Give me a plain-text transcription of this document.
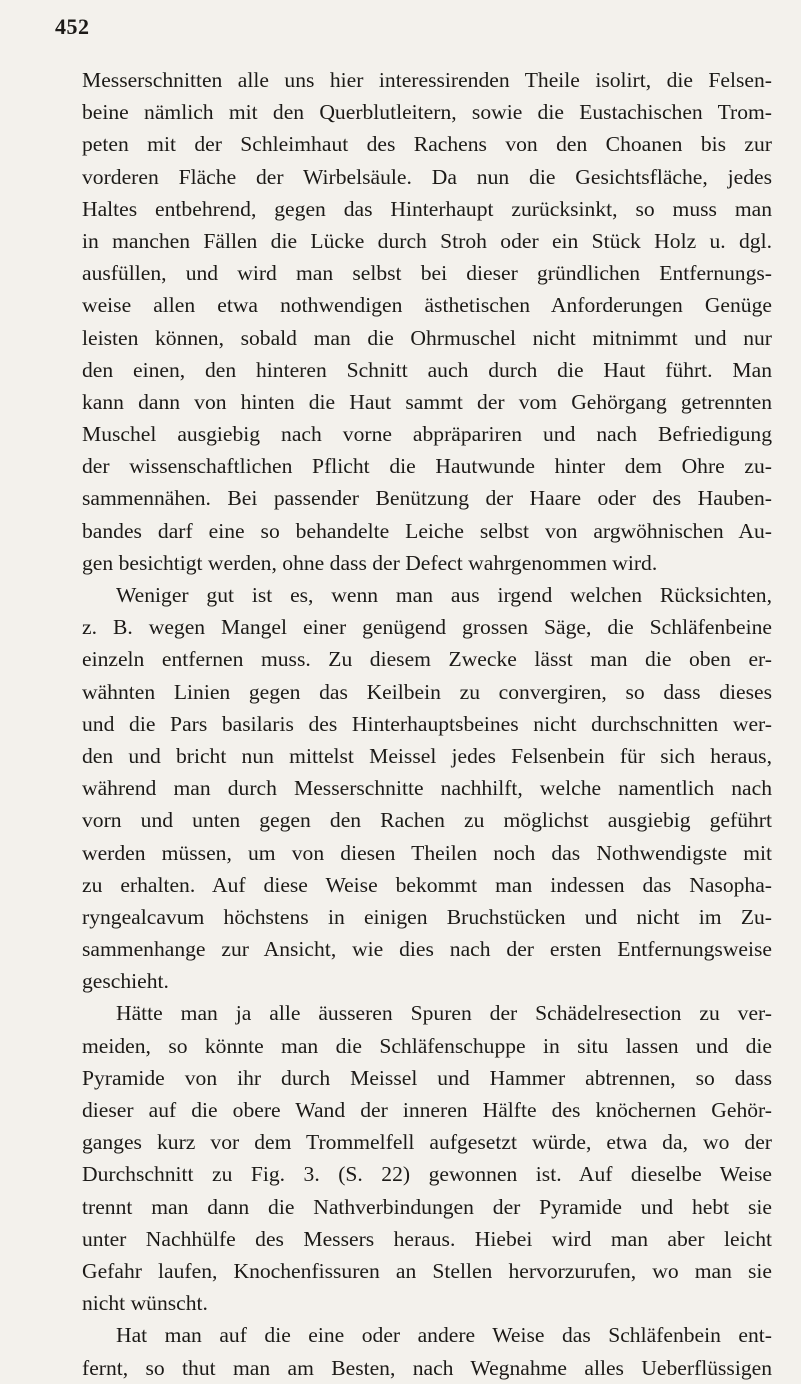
452
Messerschnitten alle uns hier interessirenden Theile isolirt, die Felsen-
beine nämlich mit den Querblutleitern, sowie die Eustachischen Trom-
peten mit der Schleimhaut des Rachens von den Choanen bis zur
vorderen Fläche der Wirbelsäule. Da nun die Gesichtsfläche, jedes
Haltes entbehrend, gegen das Hinterhaupt zurücksinkt, so muss man
in manchen Fällen die Lücke durch Stroh oder ein Stück Holz u. dgl.
ausfüllen, und wird man selbst bei dieser gründlichen Entfernungs-
weise allen etwa nothwendigen ästhetischen Anforderungen Genüge
leisten können, sobald man die Ohrmuschel nicht mitnimmt und nur
den einen, den hinteren Schnitt auch durch die Haut führt. Man
kann dann von hinten die Haut sammt der vom Gehörgang getrennten
Muschel ausgiebig nach vorne abpräpariren und nach Befriedigung
der wissenschaftlichen Pflicht die Hautwunde hinter dem Ohre zu-
sammennähen. Bei passender Benützung der Haare oder des Hauben-
bandes darf eine so behandelte Leiche selbst von argwöhnischen Au-
gen besichtigt werden, ohne dass der Defect wahrgenommen wird.
Weniger gut ist es, wenn man aus irgend welchen Rücksichten,
z. B. wegen Mangel einer genügend grossen Säge, die Schläfenbeine
einzeln entfernen muss. Zu diesem Zwecke lässt man die oben er-
wähnten Linien gegen das Keilbein zu convergiren, so dass dieses
und die Pars basilaris des Hinterhauptsbeines nicht durchschnitten wer-
den und bricht nun mittelst Meissel jedes Felsenbein für sich heraus,
während man durch Messerschnitte nachhilft, welche namentlich nach
vorn und unten gegen den Rachen zu möglichst ausgiebig geführt
werden müssen, um von diesen Theilen noch das Nothwendigste mit
zu erhalten. Auf diese Weise bekommt man indessen das Nasopha-
ryngealcavum höchstens in einigen Bruchstücken und nicht im Zu-
sammenhange zur Ansicht, wie dies nach der ersten Entfernungsweise
geschieht.
Hätte man ja alle äusseren Spuren der Schädelresection zu ver-
meiden, so könnte man die Schläfenschuppe in situ lassen und die
Pyramide von ihr durch Meissel und Hammer abtrennen, so dass
dieser auf die obere Wand der inneren Hälfte des knöchernen Gehör-
ganges kurz vor dem Trommelfell aufgesetzt würde, etwa da, wo der
Durchschnitt zu Fig. 3. (S. 22) gewonnen ist. Auf dieselbe Weise
trennt man dann die Nathverbindungen der Pyramide und hebt sie
unter Nachhülfe des Messers heraus. Hiebei wird man aber leicht
Gefahr laufen, Knochenfissuren an Stellen hervorzurufen, wo man sie
nicht wünscht.
Hat man auf die eine oder andere Weise das Schläfenbein ent-
fernt, so thut man am Besten, nach Wegnahme alles Ueberflüssigen
